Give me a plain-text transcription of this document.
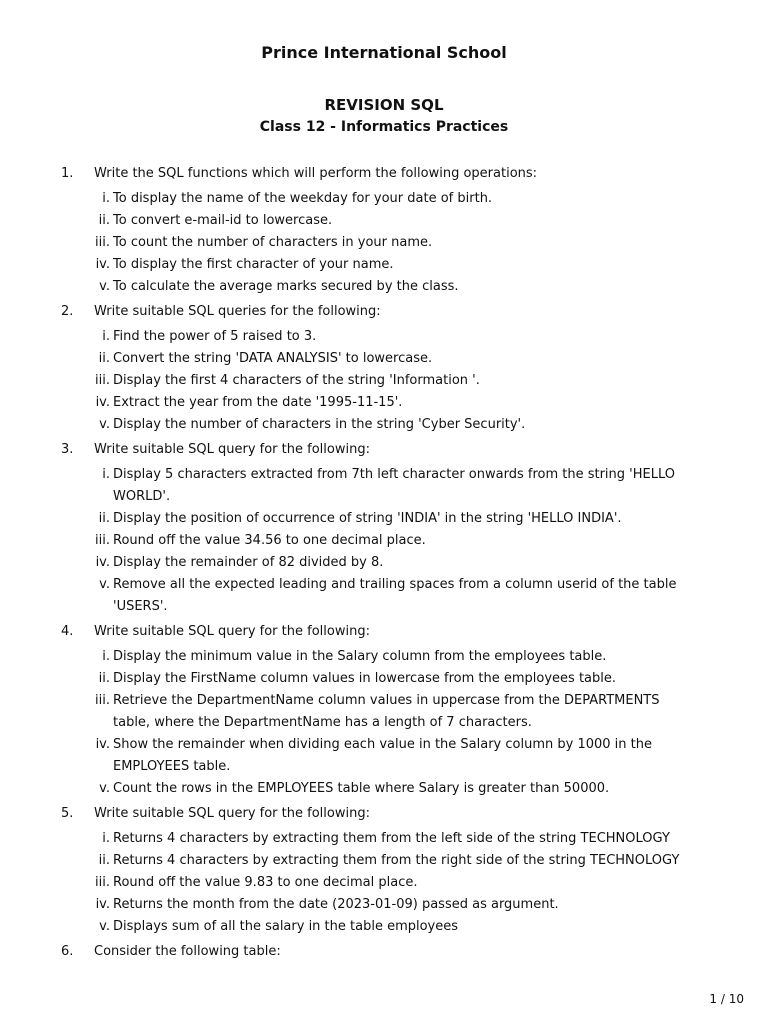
Prince International School
REVISION SQL
Class 12 - Informatics Practices
1. Write the SQL functions which will perform the following operations:
i. To display the name of the weekday for your date of birth.
ii. To convert e-mail-id to lowercase.
iii. To count the number of characters in your name.
iv. To display the first character of your name.
v. To calculate the average marks secured by the class.
2. Write suitable SQL queries for the following:
i. Find the power of 5 raised to 3.
ii. Convert the string 'DATA ANALYSIS' to lowercase.
iii. Display the first 4 characters of the string 'Information '.
iv. Extract the year from the date '1995-11-15'.
v. Display the number of characters in the string 'Cyber Security'.
3. Write suitable SQL query for the following:
i. Display 5 characters extracted from 7th left character onwards from the string 'HELLO WORLD'.
ii. Display the position of occurrence of string 'INDIA' in the string 'HELLO INDIA'.
iii. Round off the value 34.56 to one decimal place.
iv. Display the remainder of 82 divided by 8.
v. Remove all the expected leading and trailing spaces from a column userid of the table 'USERS'.
4. Write suitable SQL query for the following:
i. Display the minimum value in the Salary column from the employees table.
ii. Display the FirstName column values in lowercase from the employees table.
iii. Retrieve the DepartmentName column values in uppercase from the DEPARTMENTS table, where the DepartmentName has a length of 7 characters.
iv. Show the remainder when dividing each value in the Salary column by 1000 in the EMPLOYEES table.
v. Count the rows in the EMPLOYEES table where Salary is greater than 50000.
5. Write suitable SQL query for the following:
i. Returns 4 characters by extracting them from the left side of the string TECHNOLOGY
ii. Returns 4 characters by extracting them from the right side of the string TECHNOLOGY
iii. Round off the value 9.83 to one decimal place.
iv. Returns the month from the date (2023-01-09) passed as argument.
v. Displays sum of all the salary in the table employees
6. Consider the following table:
1 / 10
